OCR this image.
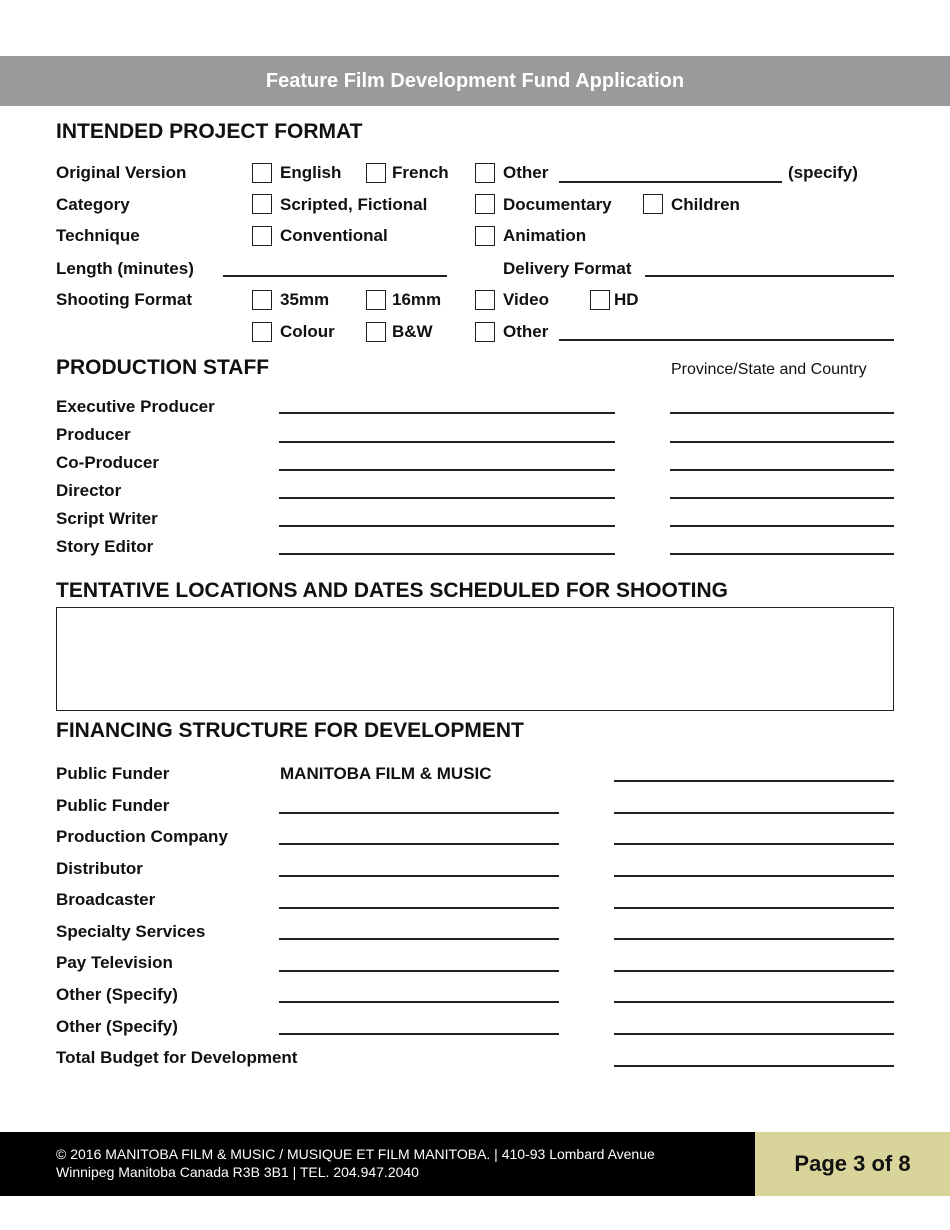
Feature Film Development Fund Application
INTENDED PROJECT FORMAT
Original Version	English	French	Other	(specify)
Category	Scripted, Fictional	Documentary	Children
Technique	Conventional	Animation
Length (minutes)	Delivery Format
Shooting Format	35mm	16mm	Video	HD
Colour	B&W	Other
PRODUCTION STAFF	Province/State and Country
Executive Producer
Producer
Co-Producer
Director
Script Writer
Story Editor
TENTATIVE LOCATIONS AND DATES SCHEDULED FOR SHOOTING
FINANCING STRUCTURE FOR DEVELOPMENT
Public Funder	MANITOBA FILM & MUSIC
Public Funder
Production Company
Distributor
Broadcaster
Specialty Services
Pay Television
Other (Specify)
Other (Specify)
Total Budget for Development
© 2016 MANITOBA FILM & MUSIC / MUSIQUE ET FILM MANITOBA. | 410-93 Lombard Avenue
Winnipeg Manitoba Canada R3B 3B1 | TEL. 204.947.2040	Page 3 of 8
